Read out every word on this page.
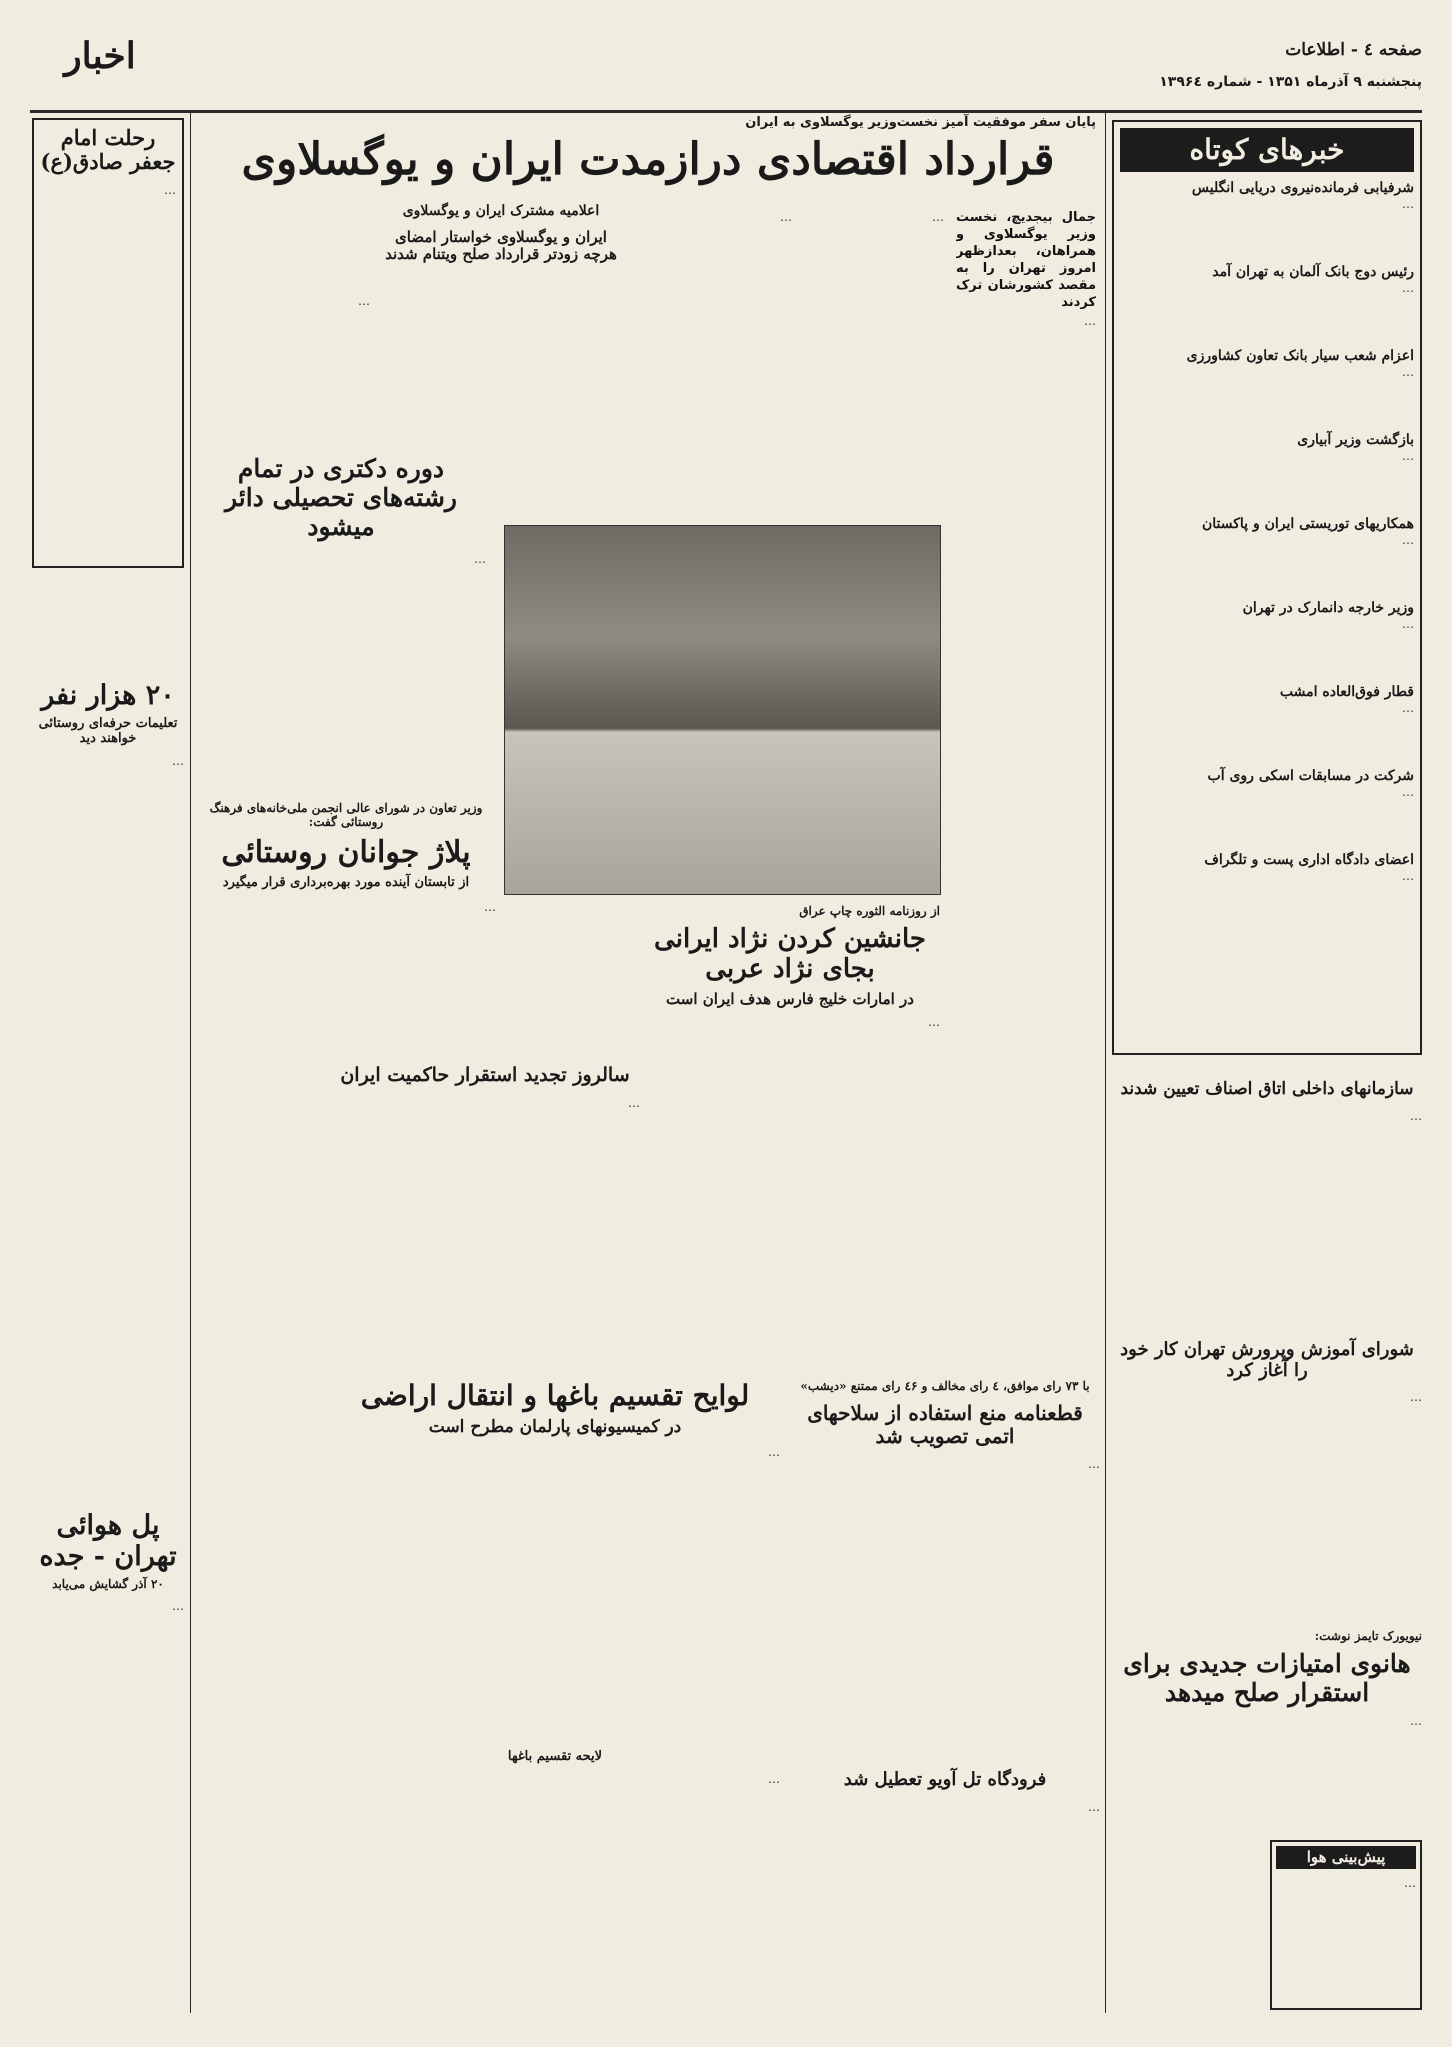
اخبار	صفحه ٤ - اطلاعات
پنجشنبه ۹ آذرماه ۱۳۵۱ - شماره ۱۳۹۶٤
رحلت امام جعفر صادق(ع)
…
۲۰ هزار نفر
تعلیمات حرفه‌ای روستائی خواهند دید
…
پل هوائی تهران - جده
۲۰ آذر گشایش می‌یابد
…
پایان سفر موفقیت آمیز نخست‌وزیر یوگسلاوی به ایران
قرارداد اقتصادی درازمدت ایران و یوگسلاوی
اعلامیه مشترک ایران و یوگسلاوی
ایران و یوگسلاوی خواستار امضای هرچه زودتر قرارداد صلح ویتنام شدند
جمال بیجدیچ، نخست وزیر یوگسلاوی و همراهان، بعدازظهر امروز تهران را به مقصد کشورشان ترک کردند
…
…
…
…
خبرهای کوتاه
شرفیابی فرمانده‌نیروی دریایی انگلیس
…
رئیس دوج بانک آلمان به تهران آمد
…
اعزام شعب سیار بانک تعاون کشاورزی
…
بازگشت وزیر آبیاری
…
همکاریهای توریستی ایران و پاکستان
…
وزیر خارجه دانمارک در تهران
…
قطار فوق‌العاده امشب
…
شرکت در مسابقات اسکی روی آب
…
اعضای دادگاه اداری پست و تلگراف
…
دوره دکتری در تمام رشته‌های تحصیلی دائر میشود
…
وزیر تعاون در شورای عالی انجمن ملی‌خانه‌های فرهنگ روستائی گفت:
پلاژ جوانان روستائی
از تابستان آینده مورد بهره‌برداری قرار میگیرد
…	از روزنامه الثوره چاپ عراق
جانشین کردن نژاد ایرانی بجای نژاد عربی
در امارات خلیج فارس هدف ایران است
…
سالروز تجدید استقرار حاکمیت ایران
…
لوایح تقسیم باغها و انتقال اراضی
در کمیسیونهای پارلمان مطرح است
…
لایحه تقسیم باغها
…
با ۷۳ رای موافق، ٤ رای مخالف و ٤۶ رای ممتنع «دیشب»
قطعنامه منع استفاده از سلاحهای اتمی تصویب شد
…
فرودگاه تل آویو تعطیل شد
…
سازمانهای داخلی اتاق اصناف تعیین شدند
…
شورای آموزش وپرورش تهران کار خود را آغاز کرد
…
نیویورک تایمز نوشت:
هانوی امتیازات جدیدی برای استقرار صلح میدهد
…
پیش‌بینی هوا
…
